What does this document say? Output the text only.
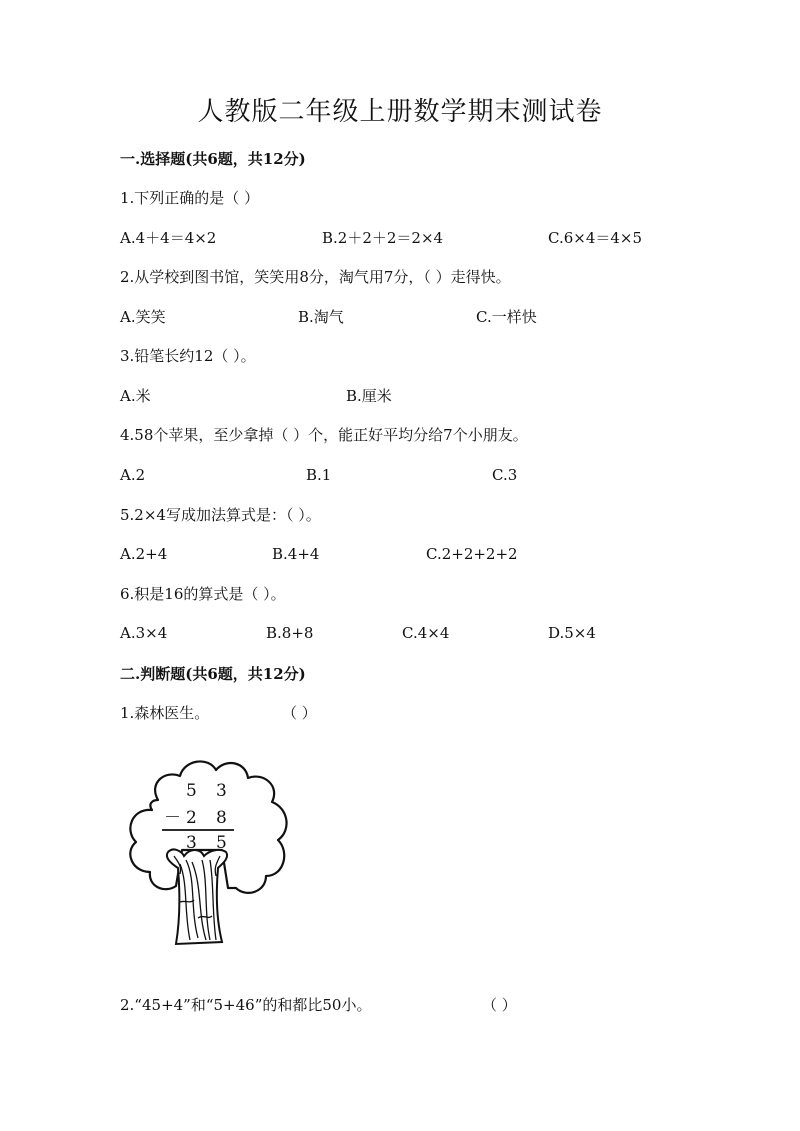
人教版二年级上册数学期末测试卷
一.选择题(共6题，共12分)
1.下列正确的是（ ）
A.4＋4＝4×2	B.2＋2＋2＝2×4	C.6×4＝4×5
2.从学校到图书馆，笑笑用8分，淘气用7分，（ ）走得快。
A.笑笑	B.淘气	C.一样快
3.铅笔长约12（ ）。
A.米	B.厘米
4.58个苹果，至少拿掉（ ）个，能正好平均分给7个小朋友。
A.2	B.1	C.3
5.2×4写成加法算式是：（ ）。
A.2+4	B.4+4	C.2+2+2+2
6.积是16的算式是（ ）。
A.3×4	B.8+8	C.4×4	D.5×4
二.判断题(共6题，共12分)
1.森林医生。	（ ）
5 3
－ 2 8
3 5
2.“45+4”和“5+46”的和都比50小。	（ ）
